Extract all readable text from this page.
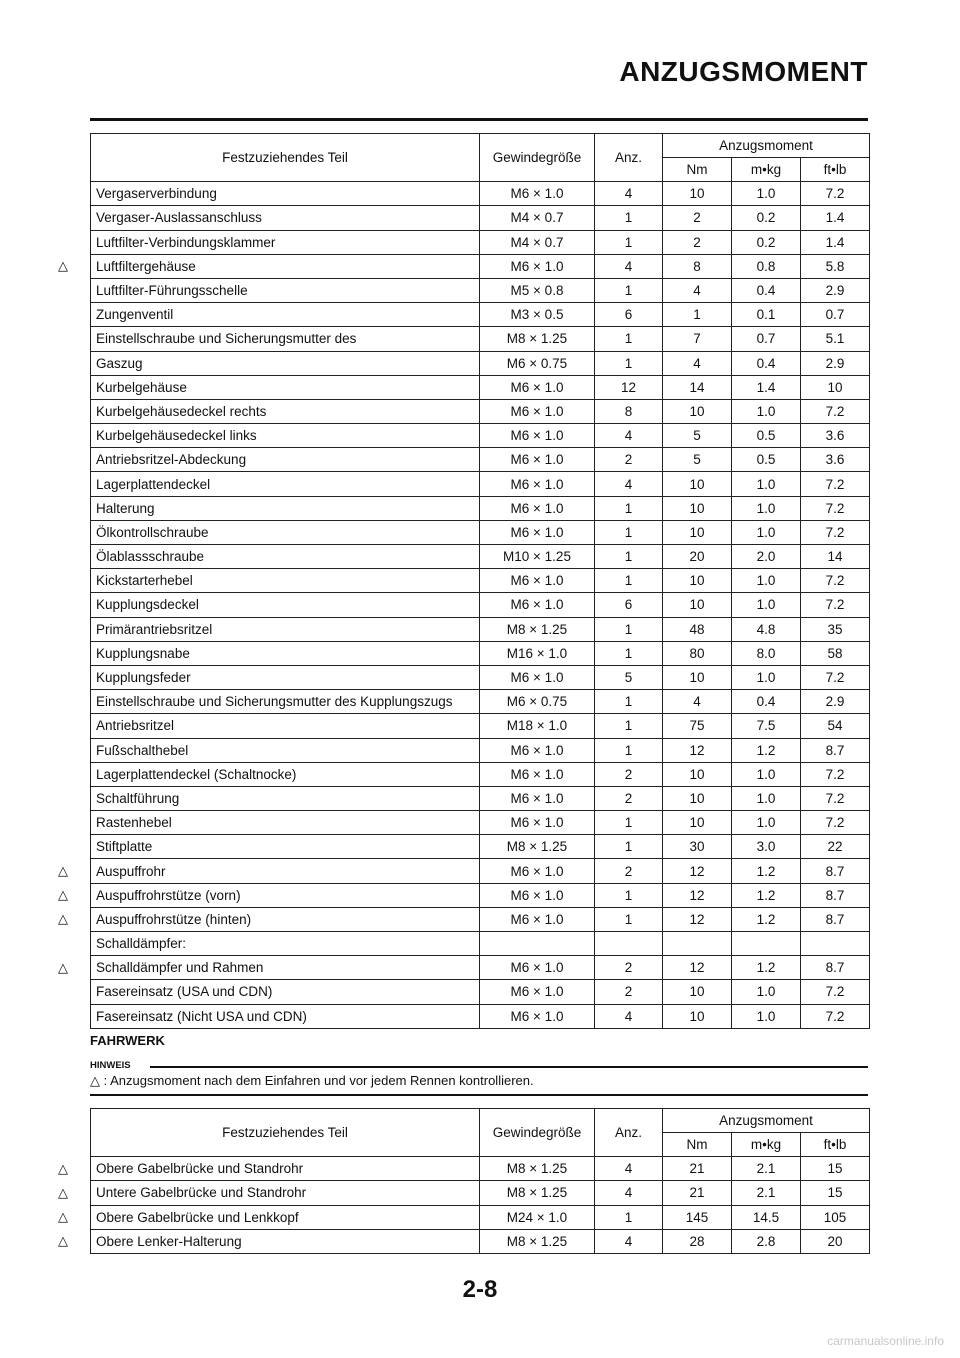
ANZUGSMOMENT
Festzuziehendes Teil	Gewindegröße	Anz.	Anzugsmoment		
			Nm	m•kg	ft•lb
Vergaserverbindung	M6 × 1.0	4	10	1.0	7.2
Vergaser-Auslassanschluss	M4 × 0.7	1	2	0.2	1.4
Luftfilter-Verbindungsklammer	M4 × 0.7	1	2	0.2	1.4
Luftfiltergehäuse	M6 × 1.0	4	8	0.8	5.8
Luftfilter-Führungsschelle	M5 × 0.8	1	4	0.4	2.9
Zungenventil	M3 × 0.5	6	1	0.1	0.7
Einstellschraube und Sicherungsmutter des	M8 × 1.25	1	7	0.7	5.1
Gaszug	M6 × 0.75	1	4	0.4	2.9
Kurbelgehäuse	M6 × 1.0	12	14	1.4	10
Kurbelgehäusedeckel rechts	M6 × 1.0	8	10	1.0	7.2
Kurbelgehäusedeckel links	M6 × 1.0	4	5	0.5	3.6
Antriebsritzel-Abdeckung	M6 × 1.0	2	5	0.5	3.6
Lagerplattendeckel	M6 × 1.0	4	10	1.0	7.2
Halterung	M6 × 1.0	1	10	1.0	7.2
Ölkontrollschraube	M6 × 1.0	1	10	1.0	7.2
Ölablassschraube	M10 × 1.25	1	20	2.0	14
Kickstarterhebel	M6 × 1.0	1	10	1.0	7.2
Kupplungsdeckel	M6 × 1.0	6	10	1.0	7.2
Primärantriebsritzel	M8 × 1.25	1	48	4.8	35
Kupplungsnabe	M16 × 1.0	1	80	8.0	58
Kupplungsfeder	M6 × 1.0	5	10	1.0	7.2
Einstellschraube und Sicherungsmutter des Kupplungszugs	M6 × 0.75	1	4	0.4	2.9
Antriebsritzel	M18 × 1.0	1	75	7.5	54
Fußschalthebel	M6 × 1.0	1	12	1.2	8.7
Lagerplattendeckel (Schaltnocke)	M6 × 1.0	2	10	1.0	7.2
Schaltführung	M6 × 1.0	2	10	1.0	7.2
Rastenhebel	M6 × 1.0	1	10	1.0	7.2
Stiftplatte	M8 × 1.25	1	30	3.0	22
Auspuffrohr	M6 × 1.0	2	12	1.2	8.7
Auspuffrohrstütze (vorn)	M6 × 1.0	1	12	1.2	8.7
Auspuffrohrstütze (hinten)	M6 × 1.0	1	12	1.2	8.7
Schalldämpfer:					
Schalldämpfer und Rahmen	M6 × 1.0	2	12	1.2	8.7
Fasereinsatz (USA und CDN)	M6 × 1.0	2	10	1.0	7.2
Fasereinsatz (Nicht USA und CDN)	M6 × 1.0	4	10	1.0	7.2
FAHRWERK
HINWEIS
△ : Anzugsmoment nach dem Einfahren und vor jedem Rennen kontrollieren.
Festzuziehendes Teil	Gewindegröße	Anz.	Anzugsmoment		
			Nm	m•kg	ft•lb
Obere Gabelbrücke und Standrohr	M8 × 1.25	4	21	2.1	15
Untere Gabelbrücke und Standrohr	M8 × 1.25	4	21	2.1	15
Obere Gabelbrücke und Lenkkopf	M24 × 1.0	1	145	14.5	105
Obere Lenker-Halterung	M8 × 1.25	4	28	2.8	20
2-8
carmanualsonline.info
△
△
△
△
△
△
△
△
△
